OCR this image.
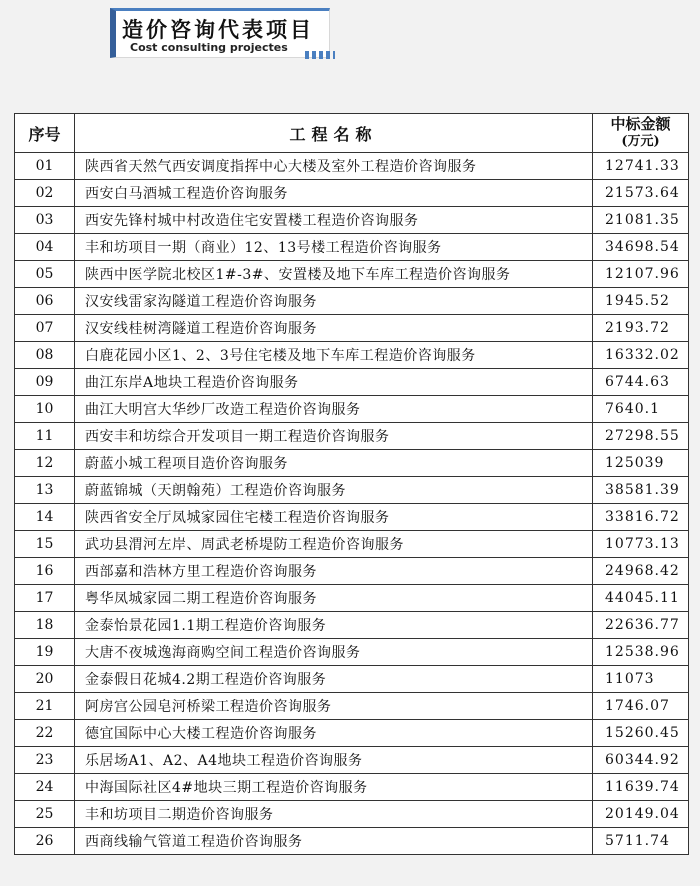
造价咨询代表项目
Cost consulting projectes
序号	工程名称	中标金额
(万元)

01	陕西省天然气西安调度指挥中心大楼及室外工程造价咨询服务	12741.33
02	西安白马酒城工程造价咨询服务	21573.64
03	西安先锋村城中村改造住宅安置楼工程造价咨询服务	21081.35
04	丰和坊项目一期（商业）12、13号楼工程造价咨询服务	34698.54
05	陕西中医学院北校区1#-3#、安置楼及地下车库工程造价咨询服务	12107.96
06	汉安线雷家沟隧道工程造价咨询服务	1945.52
07	汉安线桂树湾隧道工程造价咨询服务	2193.72
08	白鹿花园小区1、2、3号住宅楼及地下车库工程造价咨询服务	16332.02
09	曲江东岸A地块工程造价咨询服务	6744.63
10	曲江大明宫大华纱厂改造工程造价咨询服务	7640.1
11	西安丰和坊综合开发项目一期工程造价咨询服务	27298.55
12	蔚蓝小城工程项目造价咨询服务	125039
13	蔚蓝锦城（天朗翰苑）工程造价咨询服务	38581.39
14	陕西省安全厅凤城家园住宅楼工程造价咨询服务	33816.72
15	武功县渭河左岸、周武老桥堤防工程造价咨询服务	10773.13
16	西部嘉和浩林方里工程造价咨询服务	24968.42
17	粤华凤城家园二期工程造价咨询服务	44045.11
18	金泰怡景花园1.1期工程造价咨询服务	22636.77
19	大唐不夜城逸海商购空间工程造价咨询服务	12538.96
20	金泰假日花城4.2期工程造价咨询服务	11073
21	阿房宫公园皂河桥梁工程造价咨询服务	1746.07
22	德宜国际中心大楼工程造价咨询服务	15260.45
23	乐居场A1、A2、A4地块工程造价咨询服务	60344.92
24	中海国际社区4#地块三期工程造价咨询服务	11639.74
25	丰和坊项目二期造价咨询服务	20149.04
26	西商线输气管道工程造价咨询服务	5711.74
